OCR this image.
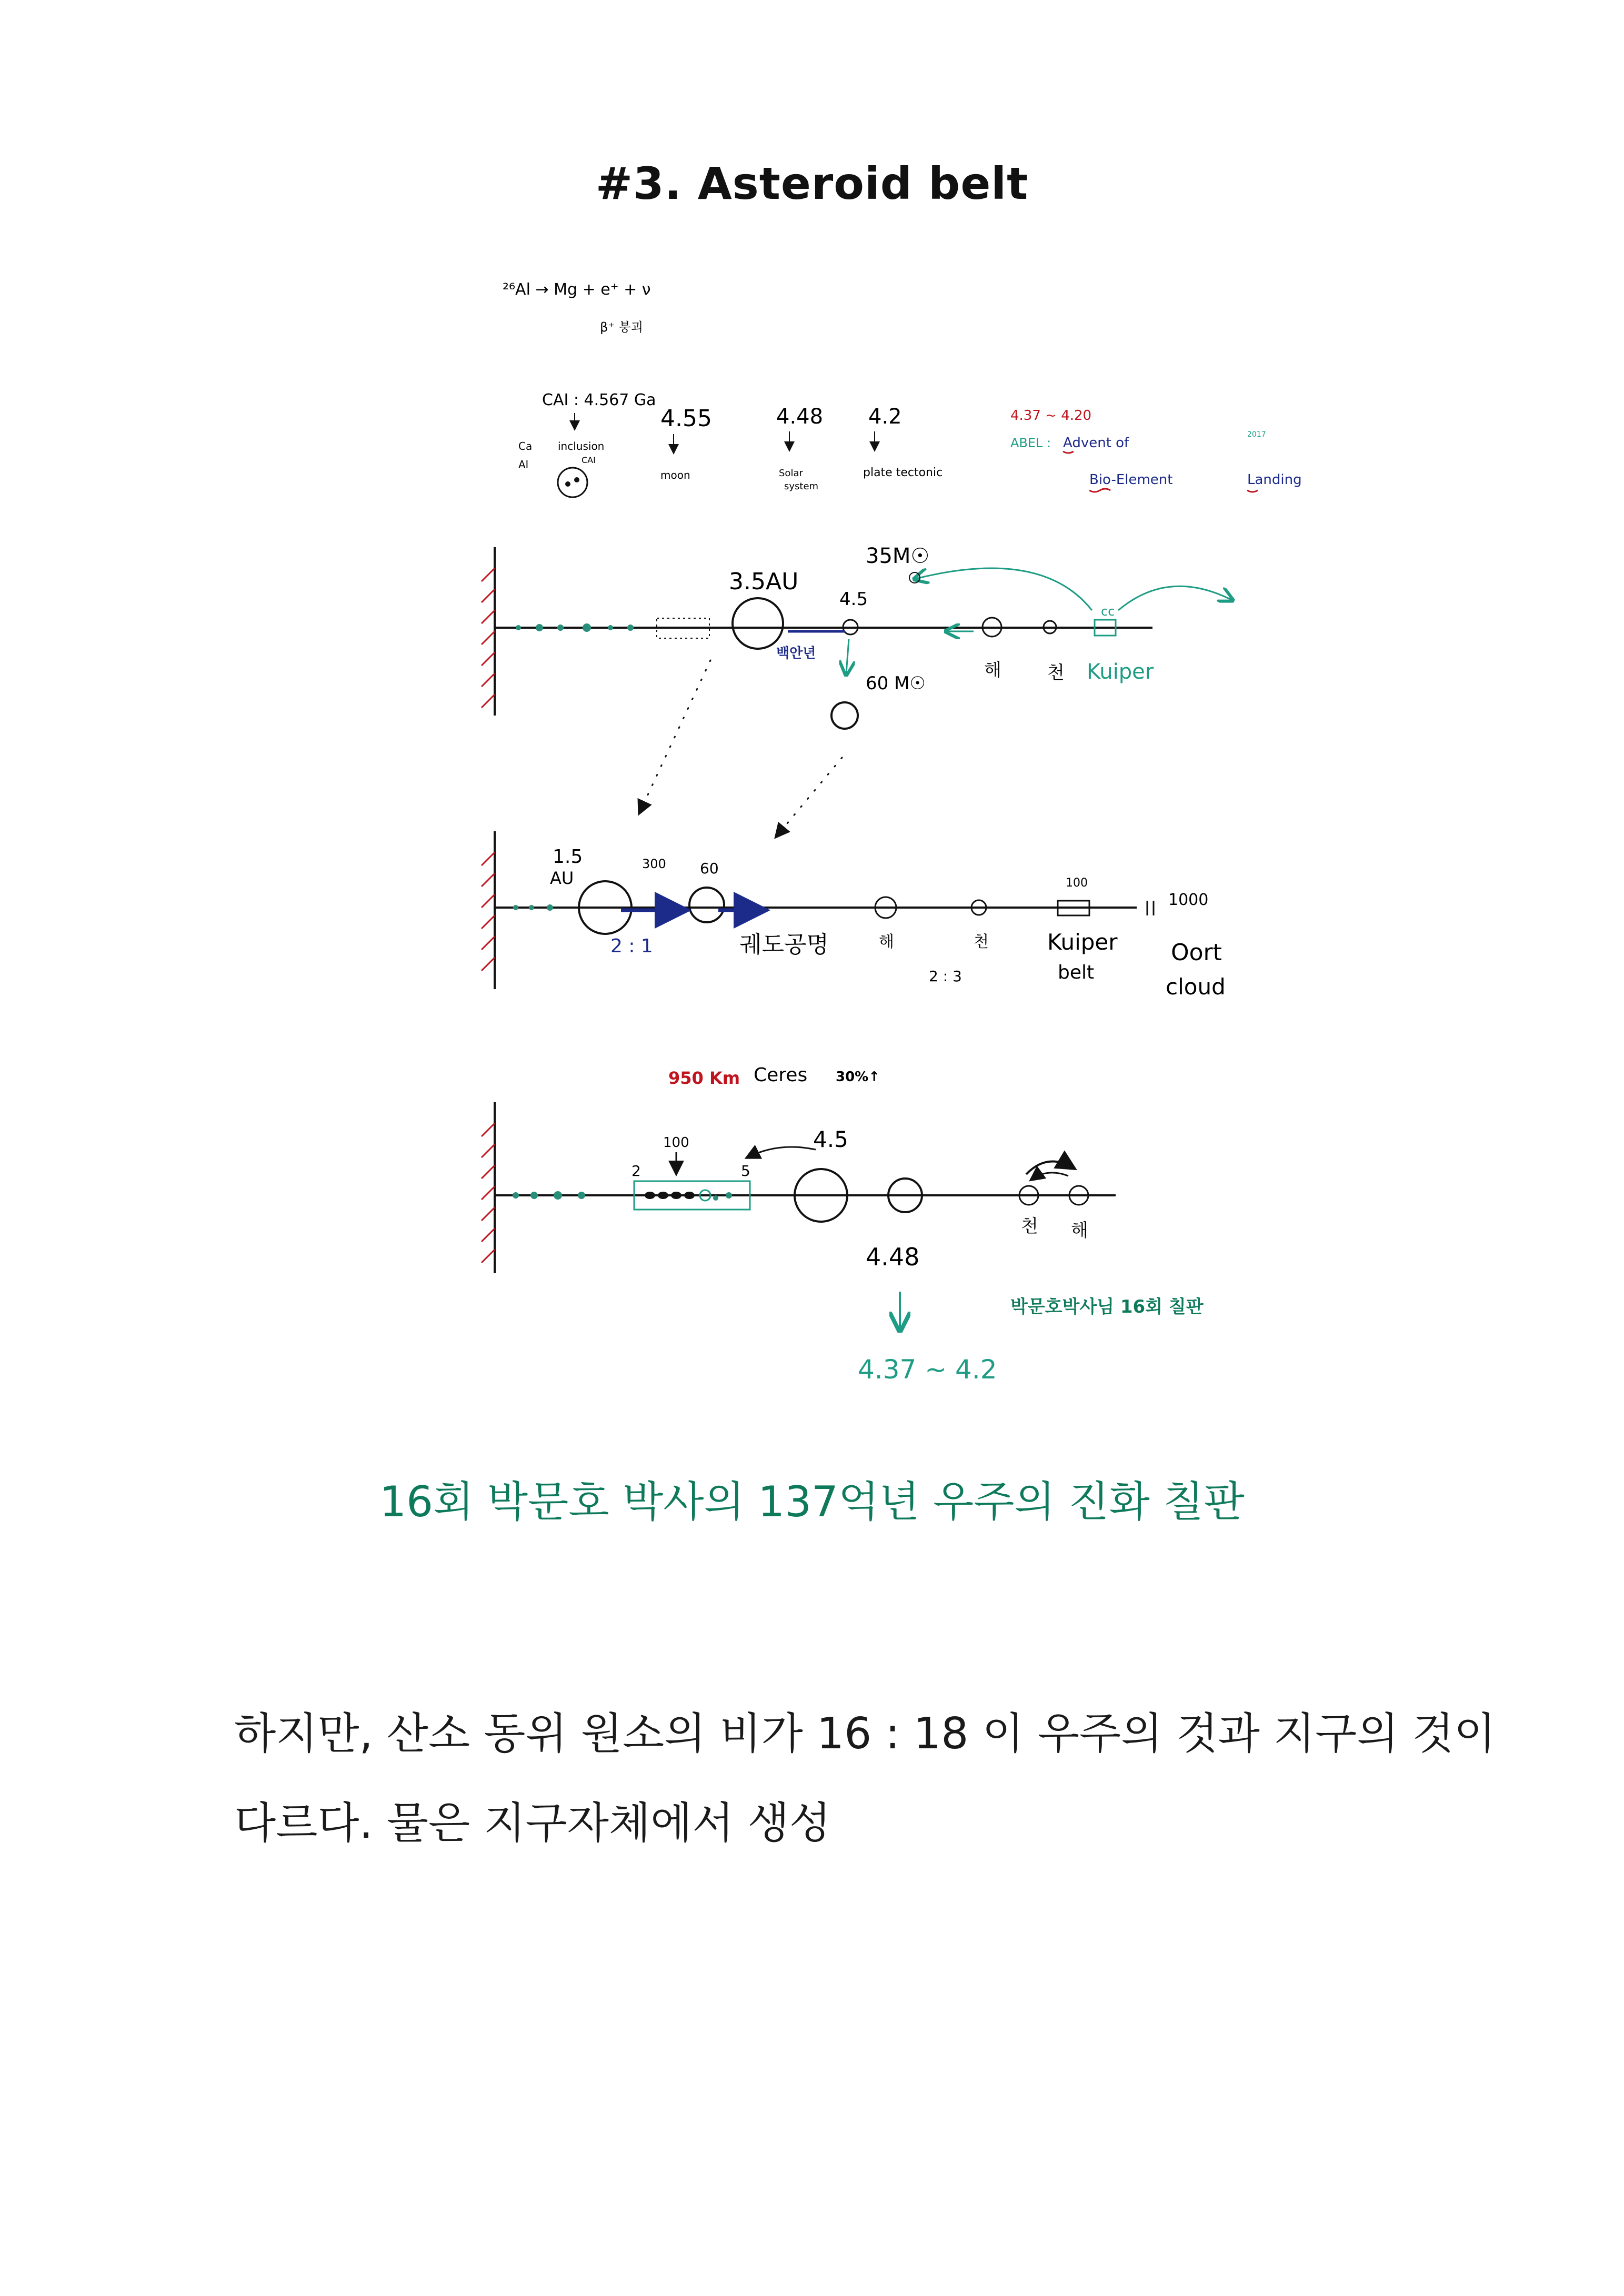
#3. Asteroid belt
²⁶Al → Mg + e⁺ + ν
β⁺ 붕괴
CAI : 4.567 Ga
Ca
Al
inclusion
CAI
4.55
moon
4.48
Solar
system
4.2
plate tectonic
4.37 ~ 4.20
ABEL : Advent of
2017
Bio-Element	Landing
3.5AU
35M☉
4.5
백안년
60 M☉
해	천
cc
Kuiper
1.5
AU
300 60
2 : 1	궤도공명	해	천
2 : 3
100
1000
Kuiper
belt
Oort
cloud
950 Km Ceres 30%↑
100
2	5
4.5
천 해
4.48
4.37 ~ 4.2
박문호박사님 16회 칠판
16회 박문호 박사의 137억년 우주의 진화 칠판
하지만, 산소 동위 원소의 비가 16 : 18 이 우주의 것과 지구의 것이
다르다. 물은 지구자체에서 생성
